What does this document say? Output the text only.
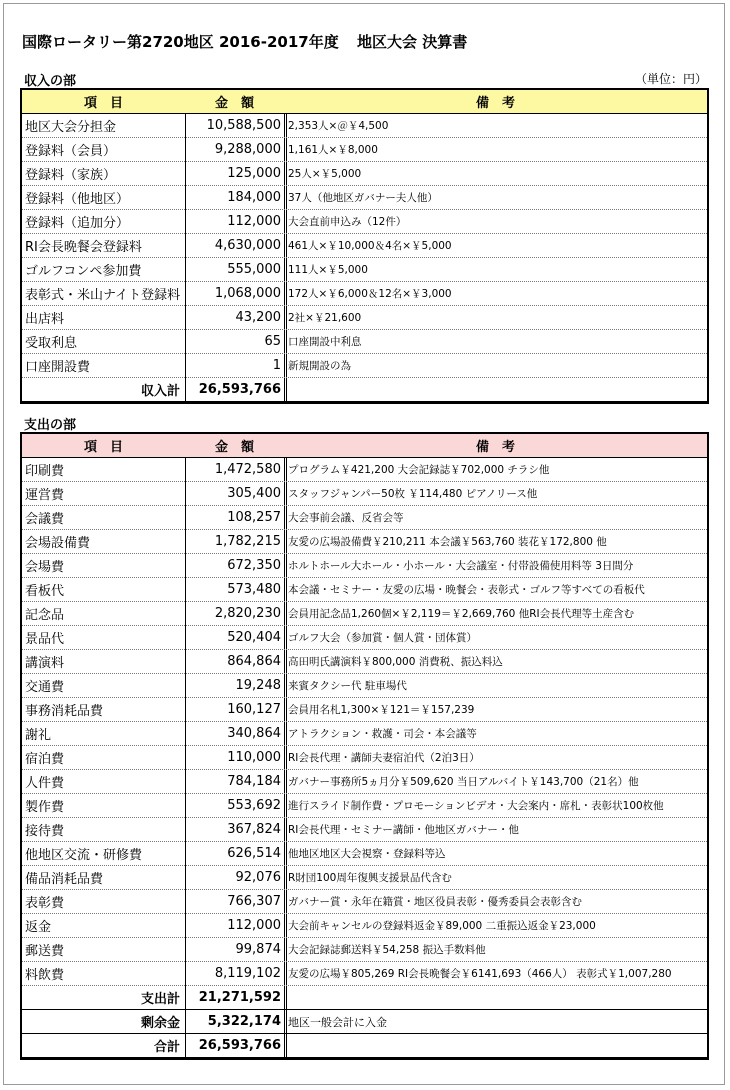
国際ロータリー第2720地区 2016-2017年度 地区大会 決算書
収入の部	（単位：円）
項　目	金　額	備　考
地区大会分担金	10,588,500 2,353人×＠￥4,500
登録料（会員）	9,288,000 1,161人×￥8,000
登録料（家族）	125,000 25人×￥5,000
登録料（他地区）	184,000 37人（他地区ガバナー夫人他）
登録料（追加分）	112,000 大会直前申込み（12件）
RI会長晩餐会登録料	4,630,000 461人×￥10,000＆4名×￥5,000
ゴルフコンペ参加費	555,000 111人×￥5,000
表彰式・米山ナイト登録料	1,068,000 172人×￥6,000＆12名×￥3,000
出店料	43,200 2社×￥21,600
受取利息	65 口座開設中利息
口座開設費	1 新規開設の為
収入計	26,593,766
支出の部
項　目	金　額	備　考
印刷費	1,472,580 プログラム￥421,200 大会記録誌￥702,000 チラシ他
運営費	305,400 スタッフジャンパー50枚 ￥114,480 ピアノリース他
会議費	108,257 大会事前会議、反省会等
会場設備費	1,782,215 友愛の広場設備費￥210,211 本会議￥563,760 装花￥172,800 他
会場費	672,350 ホルトホール大ホール・小ホール・大会議室・付帯設備使用料等 3日間分
看板代	573,480 本会議・セミナー・友愛の広場・晩餐会・表彰式・ゴルフ等すべての看板代
記念品	2,820,230 会員用記念品1,260個×￥2,119＝￥2,669,760 他RI会長代理等土産含む
景品代	520,404 ゴルフ大会（参加賞・個人賞・団体賞）
講演料	864,864 高田明氏講演料￥800,000 消費税、振込料込
交通費	19,248 来賓タクシー代 駐車場代
事務消耗品費	160,127 会員用名札1,300×￥121＝￥157,239
謝礼	340,864 アトラクション・救護・司会・本会議等
宿泊費	110,000 RI会長代理・講師夫妻宿泊代（2泊3日）
人件費	784,184 ガバナー事務所5ヵ月分￥509,620 当日アルバイト￥143,700（21名）他
製作費	553,692 進行スライド制作費・プロモーションビデオ・大会案内・席札・表彰状100枚他
接待費	367,824 RI会長代理・セミナー講師・他地区ガバナー・他
他地区交流・研修費	626,514 他地区地区大会視察・登録料等込
備品消耗品費	92,076 R財団100周年復興支援景品代含む
表彰費	766,307 ガバナー賞・永年在籍賞・地区役員表彰・優秀委員会表彰含む
返金	112,000 大会前キャンセルの登録料返金￥89,000 二重振込返金￥23,000
郵送費	99,874 大会記録誌郵送料￥54,258 振込手数料他
料飲費	8,119,102 友愛の広場￥805,269 RI会長晩餐会￥6141,693（466人） 表彰式￥1,007,280
支出計	21,271,592
剰余金	5,322,174 地区一般会計に入金
合計	26,593,766
